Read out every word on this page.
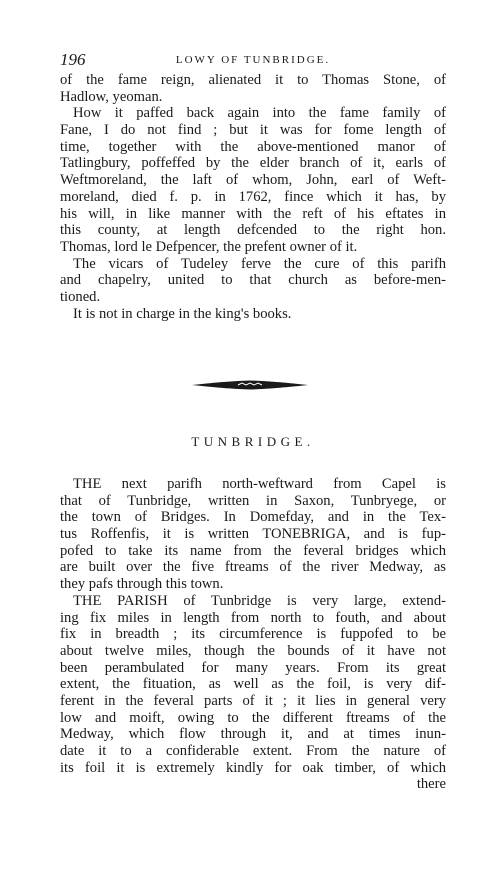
196	LOWY OF TUNBRIDGE.
of the fame reign, alienated it to Thomas Stone, of
Hadlow, yeoman.
How it paffed back again into the fame family of
Fane, I do not find ; but it was for fome length of
time, together with the above-mentioned manor of
Tatlingbury, poffeffed by the elder branch of it, earls of
Weftmoreland, the laft of whom, John, earl of Weft-
moreland, died f. p. in 1762, fince which it has, by
his will, in like manner with the reft of his eftates in
this county, at length defcended to the right hon.
Thomas, lord le Defpencer, the prefent owner of it.
The vicars of Tudeley ferve the cure of this parifh
and chapelry, united to that church as before-men-
tioned.
It is not in charge in the king's books.
TUNBRIDGE.
THE next parifh north-weftward from Capel is
that of Tunbridge, written in Saxon, Tunbryege, or
the town of Bridges. In Domefday, and in the Tex-
tus Roffenfis, it is written TONEBRIGA, and is fup-
pofed to take its name from the feveral bridges which
are built over the five ftreams of the river Medway, as
they pafs through this town.
THE PARISH of Tunbridge is very large, extend-
ing fix miles in length from north to fouth, and about
fix in breadth ; its circumference is fuppofed to be
about twelve miles, though the bounds of it have not
been perambulated for many years. From its great
extent, the fituation, as well as the foil, is very dif-
ferent in the feveral parts of it ; it lies in general very
low and moift, owing to the different ftreams of the
Medway, which flow through it, and at times inun-
date it to a confiderable extent. From the nature of
its foil it is extremely kindly for oak timber, of which
there
